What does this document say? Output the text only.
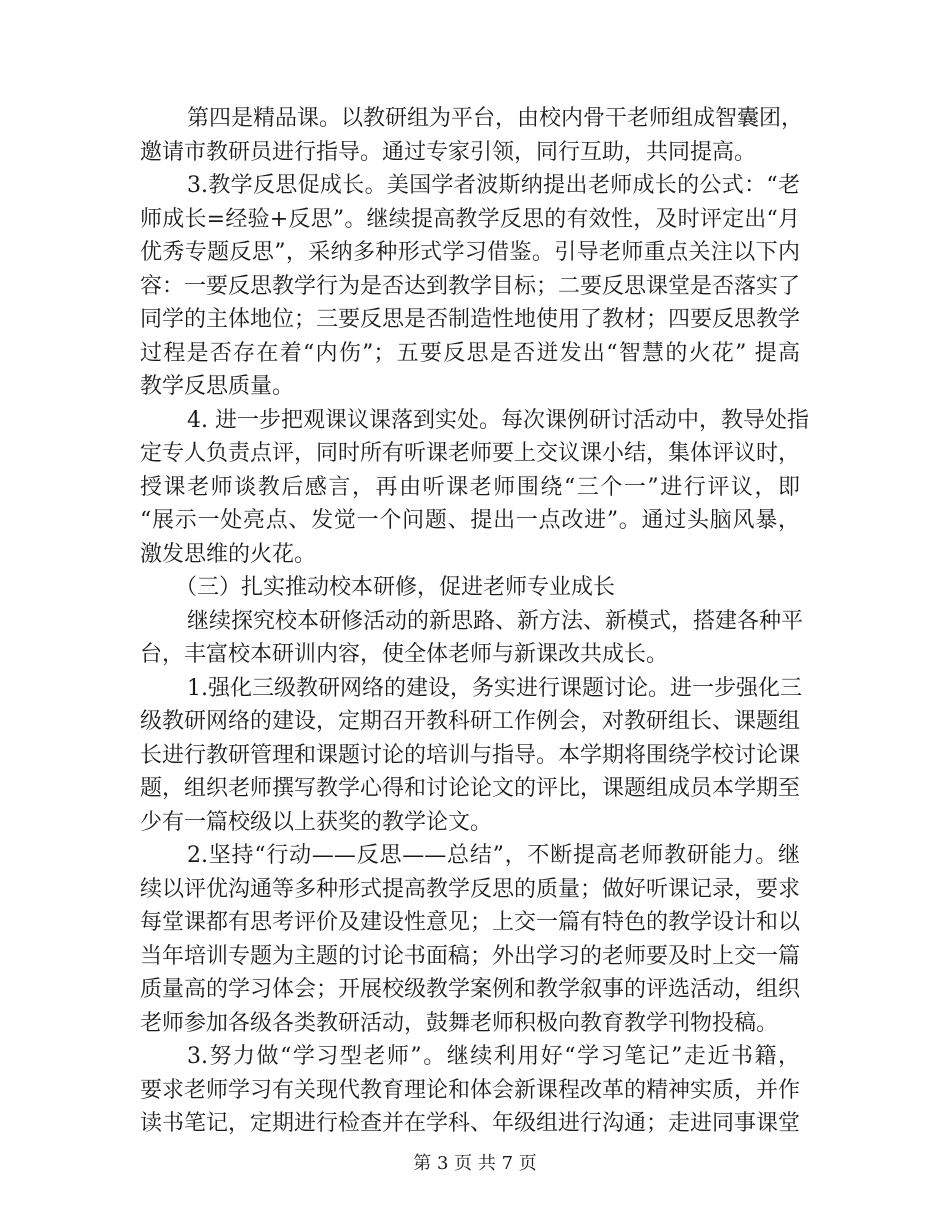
第四是精品课。以教研组为平台，由校内骨干老师组成智囊团，
邀请市教研员进行指导。通过专家引领，同行互助，共同提高。
3.教学反思促成长。美国学者波斯纳提出老师成长的公式：“老
师成长=经验+反思”。继续提高教学反思的有效性，及时评定出“月
优秀专题反思”，采纳多种形式学习借鉴。引导老师重点关注以下内
容：一要反思教学行为是否达到教学目标；二要反思课堂是否落实了
同学的主体地位；三要反思是否制造性地使用了教材；四要反思教学
过程是否存在着“内伤”；五要反思是否迸发出“智慧的火花” 提高
教学反思质量。
4. 进一步把观课议课落到实处。每次课例研讨活动中，教导处指
定专人负责点评，同时所有听课老师要上交议课小结，集体评议时，
授课老师谈教后感言，再由听课老师围绕“三个一”进行评议，即
“展示一处亮点、发觉一个问题、提出一点改进”。通过头脑风暴，
激发思维的火花。
（三）扎实推动校本研修，促进老师专业成长
继续探究校本研修活动的新思路、新方法、新模式，搭建各种平
台，丰富校本研训内容，使全体老师与新课改共成长。
1.强化三级教研网络的建设，务实进行课题讨论。进一步强化三
级教研网络的建设，定期召开教科研工作例会，对教研组长、课题组
长进行教研管理和课题讨论的培训与指导。本学期将围绕学校讨论课
题，组织老师撰写教学心得和讨论论文的评比，课题组成员本学期至
少有一篇校级以上获奖的教学论文。
2.坚持“行动——反思——总结”，不断提高老师教研能力。继
续以评优沟通等多种形式提高教学反思的质量；做好听课记录，要求
每堂课都有思考评价及建设性意见；上交一篇有特色的教学设计和以
当年培训专题为主题的讨论书面稿；外出学习的老师要及时上交一篇
质量高的学习体会；开展校级教学案例和教学叙事的评选活动，组织
老师参加各级各类教研活动，鼓舞老师积极向教育教学刊物投稿。
3.努力做“学习型老师”。继续利用好“学习笔记”走近书籍，
要求老师学习有关现代教育理论和体会新课程改革的精神实质，并作
读书笔记，定期进行检查并在学科、年级组进行沟通；走进同事课堂
第 3 页 共 7 页
